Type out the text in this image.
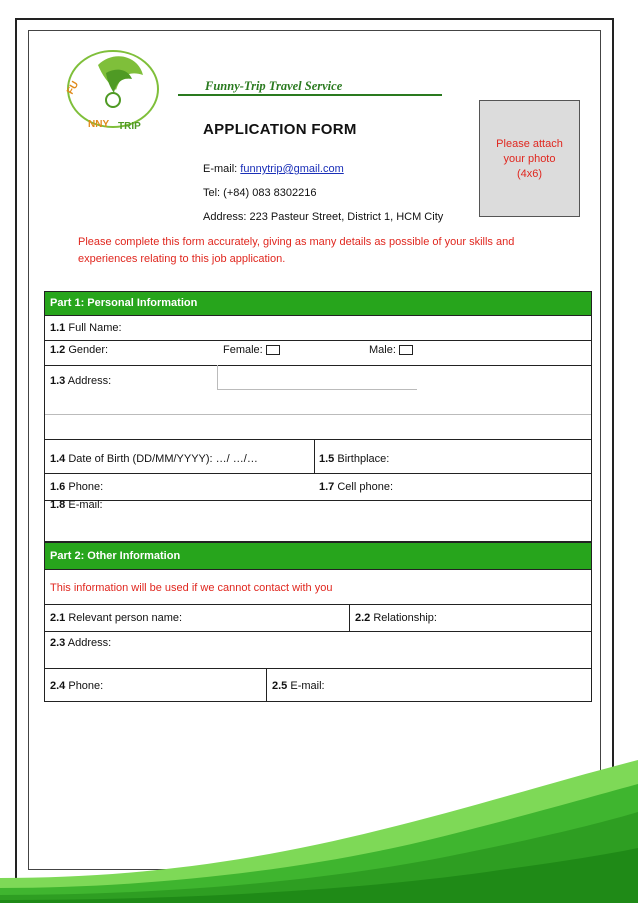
FU
NNY TRIP
Funny-Trip Travel Service
APPLICATION FORM
E-mail: funnytrip@gmail.com
Tel: (+84) 083 8302216
Address: 223 Pasteur Street, District 1, HCM City
Please attach
your photo
(4x6)
Please complete this form accurately, giving as many details as possible of your skills and experiences relating to this job application.
Part 1: Personal Information
1.1 Full Name:
1.2 Gender:	Female:	Male:
1.3 Address:
1.4 Date of Birth (DD/MM/YYYY): …/ …/…	1.5 Birthplace:
1.6 Phone:	1.7 Cell phone:
1.8 E-mail:
Part 2: Other Information
This information will be used if we cannot contact with you
2.1 Relevant person name:	2.2 Relationship:
2.3 Address:
2.4 Phone:	2.5 E-mail:
